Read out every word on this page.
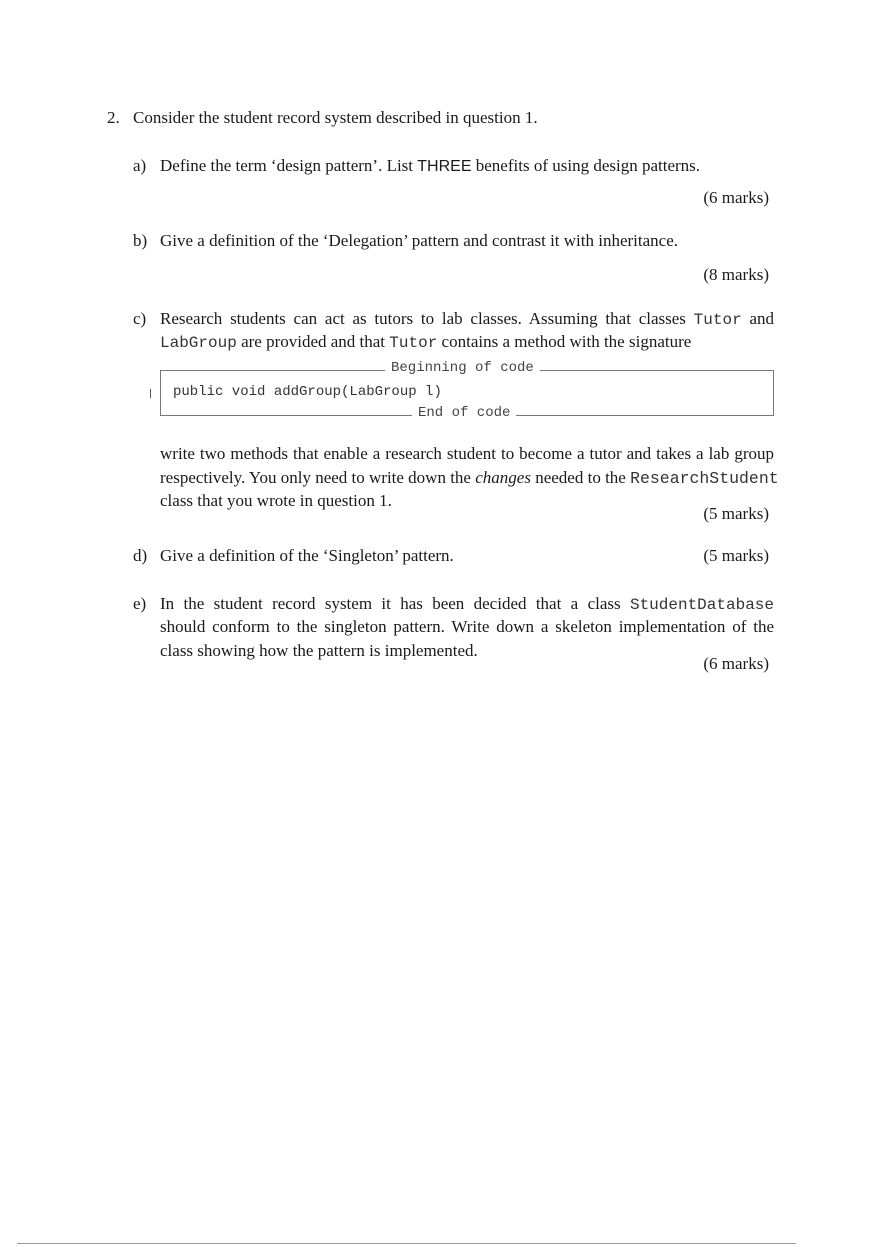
2. Consider the student record system described in question 1.
a) Define the term ‘design pattern’. List THREE benefits of using design patterns.
(6 marks)
b) Give a definition of the ‘Delegation’ pattern and contrast it with inheritance.
(8 marks)
c) Research students can act as tutors to lab classes. Assuming that classes Tutor and
LabGroup are provided and that Tutor contains a method with the signature
Beginning of code
public void addGroup(LabGroup l)
End of code
write two methods that enable a research student to become a tutor and takes a lab group
respectively. You only need to write down the changes needed to the ResearchStudent
class that you wrote in question 1.
(5 marks)
d) Give a definition of the ‘Singleton’ pattern.	(5 marks)
e) In the student record system it has been decided that a class StudentDatabase
should conform to the singleton pattern. Write down a skeleton implementation of the
class showing how the pattern is implemented.
(6 marks)
